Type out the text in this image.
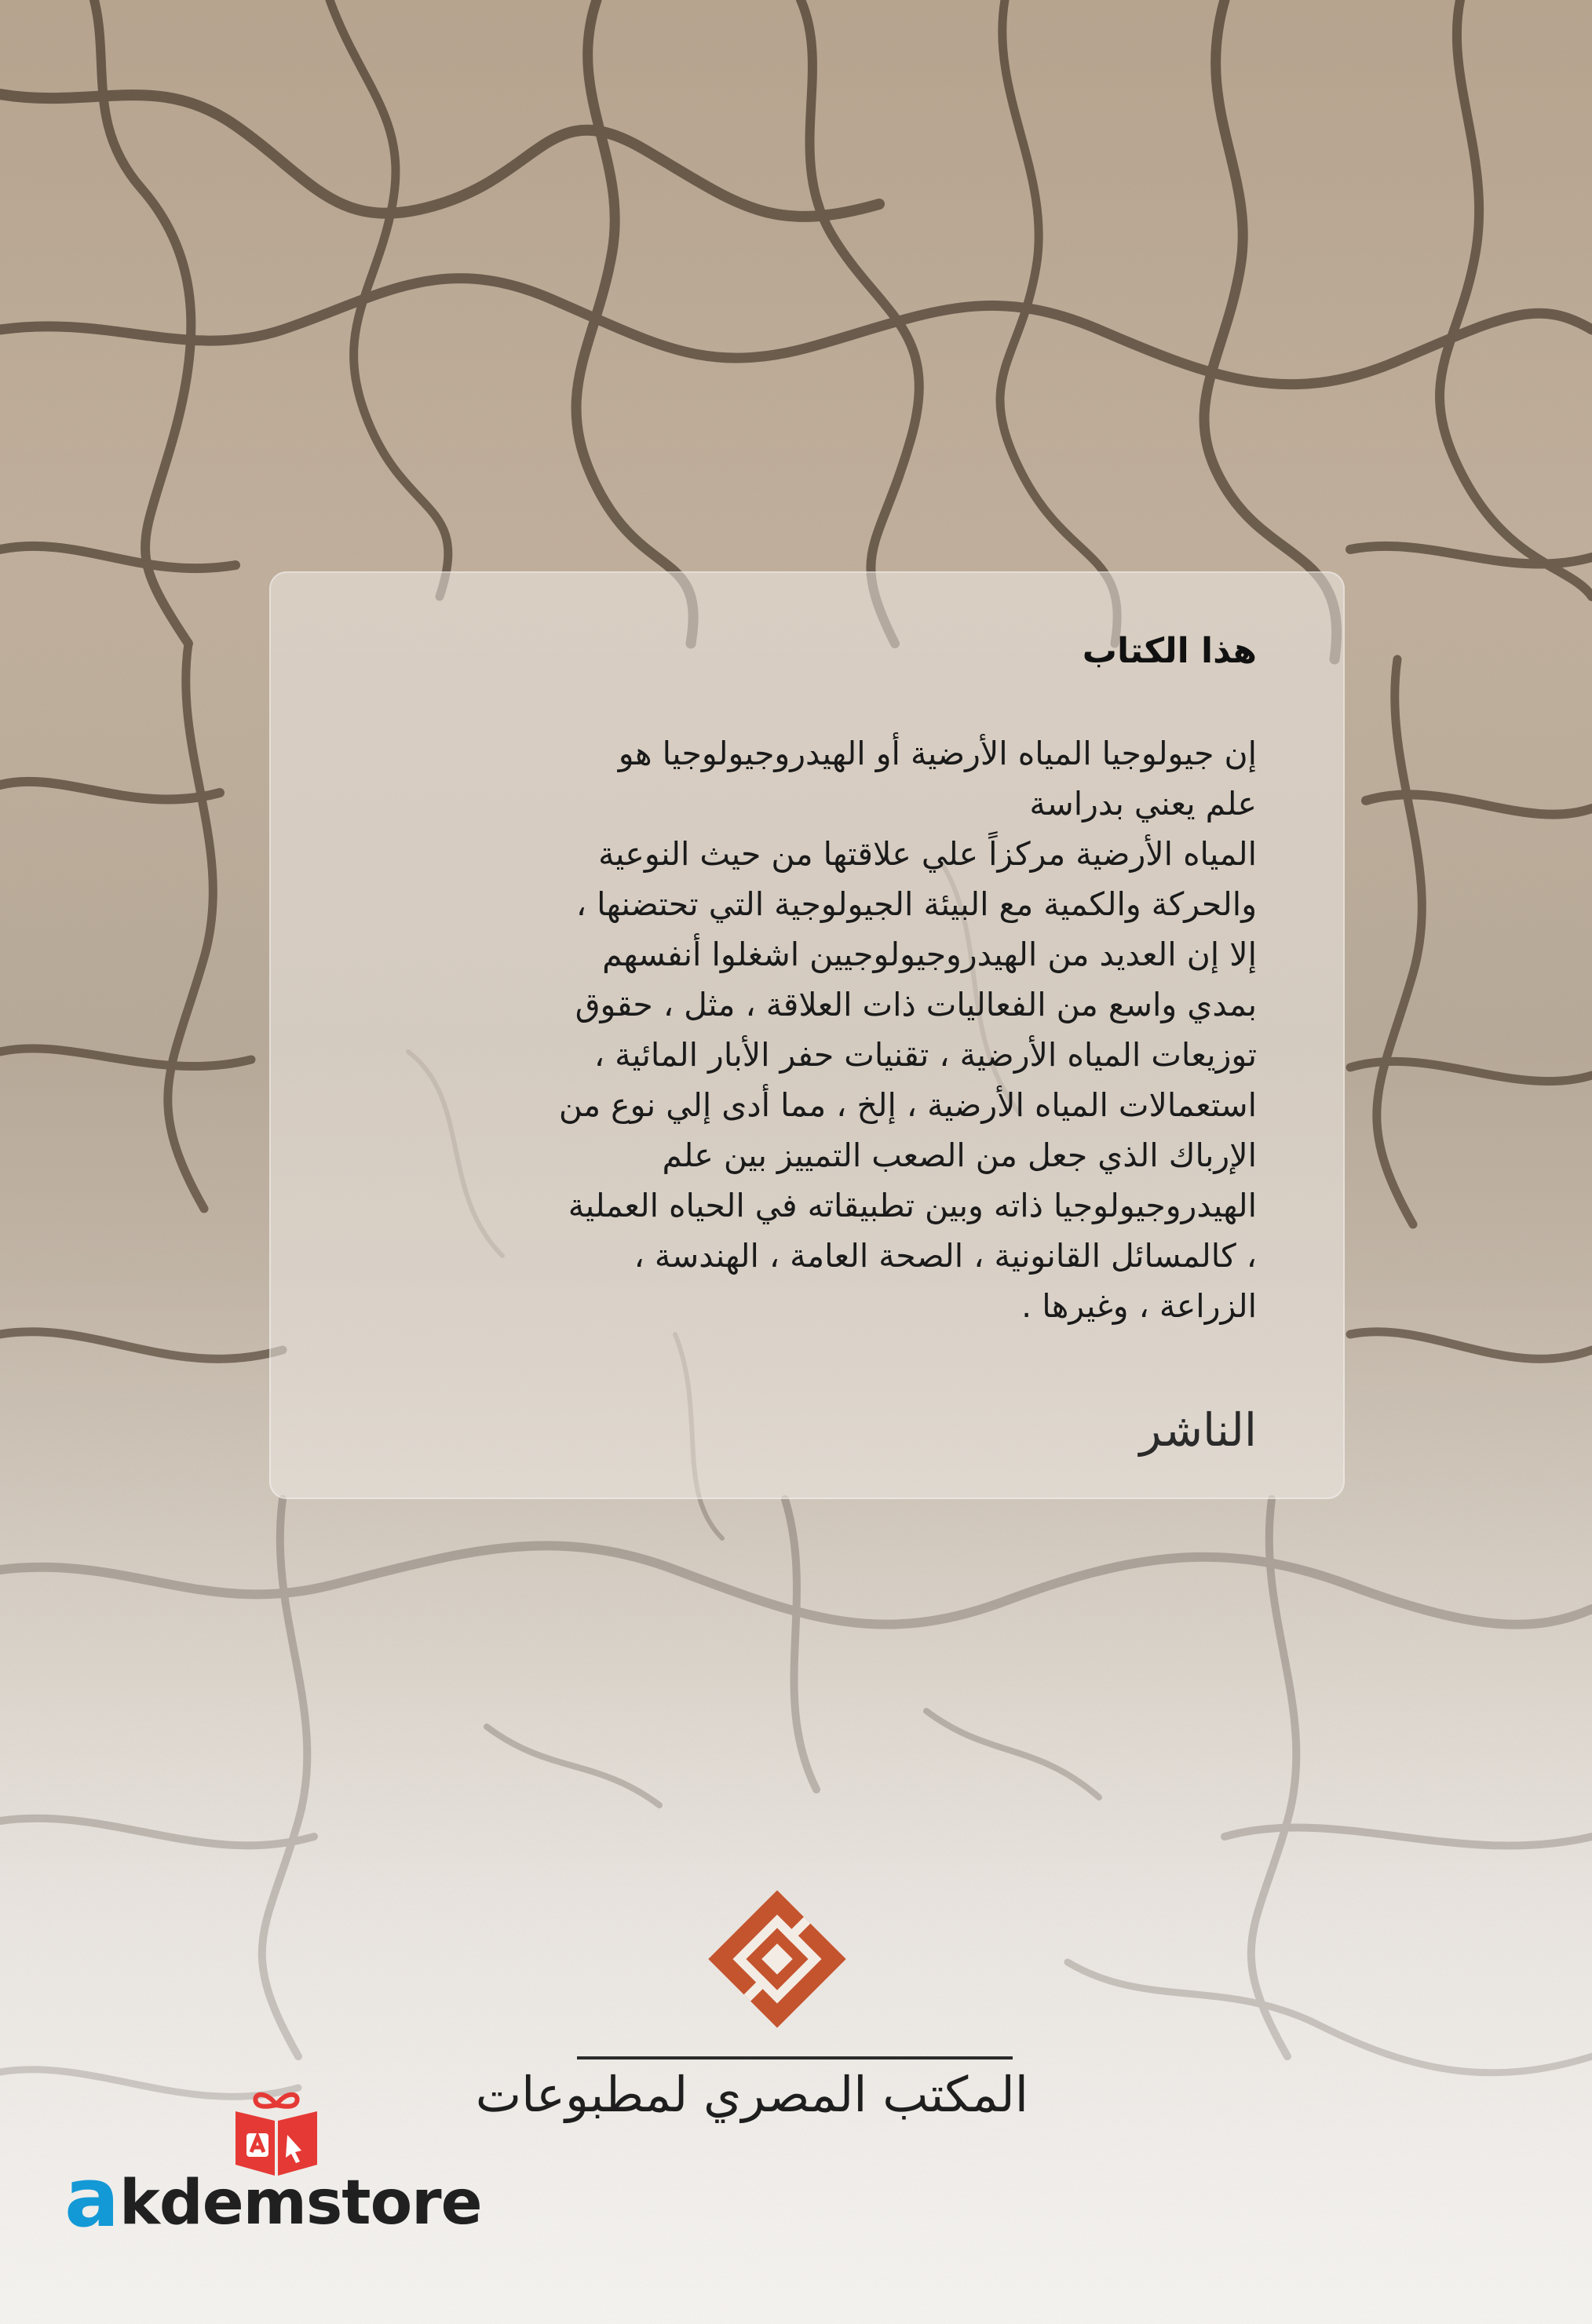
هذا الكتاب
إن جيولوجيا المياه الأرضية أو الهيدروجيولوجيا هو
علم يعني بدراسة
المياه الأرضية مركزاً علي علاقتها من حيث النوعية
والحركة والكمية مع البيئة الجيولوجية التي تحتضنها ،
إلا إن العديد من الهيدروجيولوجيين اشغلوا أنفسهم
بمدي واسع من الفعاليات ذات العلاقة ، مثل ، حقوق
توزيعات المياه الأرضية ، تقنيات حفر الأبار المائية ،
استعمالات المياه الأرضية ، إلخ ، مما أدى إلي نوع من
الإرباك الذي جعل من الصعب التمييز بين علم
الهيدروجيولوجيا ذاته وبين تطبيقاته في الحياه العملية
، كالمسائل القانونية ، الصحة العامة ، الهندسة ،
الزراعة ، وغيرها .
الناشر
المكتب المصري لمطبوعات
a kdemstore
